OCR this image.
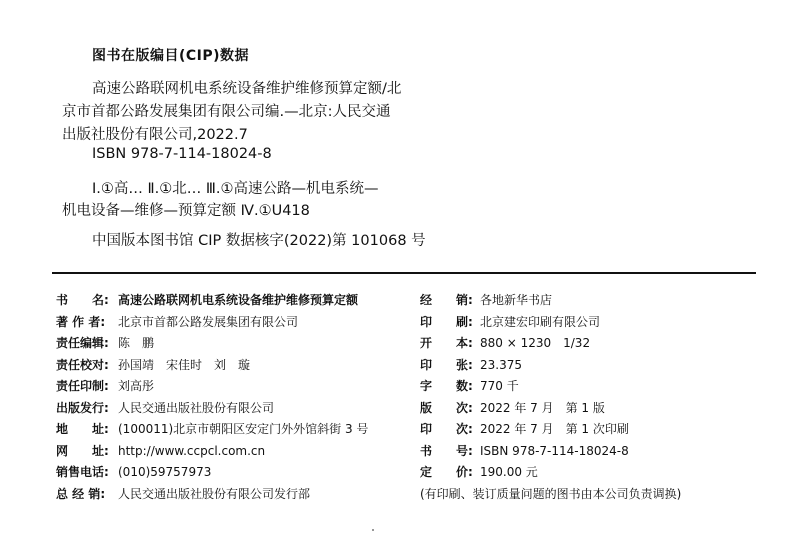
图书在版编目(CIP)数据
高速公路联网机电系统设备维护维修预算定额/北
京市首都公路发展集团有限公司编.—北京:人民交通
出版社股份有限公司,2022.7
ISBN 978-7-114-18024-8
Ⅰ.①高… Ⅱ.①北… Ⅲ.①高速公路—机电系统—
机电设备—维修—预算定额 Ⅳ.①U418
中国版本图书馆 CIP 数据核字(2022)第 101068 号
书　　名: 高速公路联网机电系统设备维护维修预算定额
著 作 者:	北京市首都公路发展集团有限公司
责任编辑: 陈　鹏
责任校对: 孙国靖　宋佳时　刘　璇
责任印制: 刘高彤
出版发行: 人民交通出版社股份有限公司
地　　址: (100011)北京市朝阳区安定门外外馆斜街 3 号
网　　址: http://www.ccpcl.com.cn
销售电话: (010)59757973
总 经 销:	人民交通出版社股份有限公司发行部
经　　销: 各地新华书店
印　　刷: 北京建宏印刷有限公司
开　　本: 880 × 1230　1/32
印　　张: 23.375
字　　数: 770 千
版　　次: 2022 年 7 月　第 1 版
印　　次: 2022 年 7 月　第 1 次印刷
书　　号: ISBN 978-7-114-18024-8
定　　价: 190.00 元
(有印刷、装订质量问题的图书由本公司负责调换)
